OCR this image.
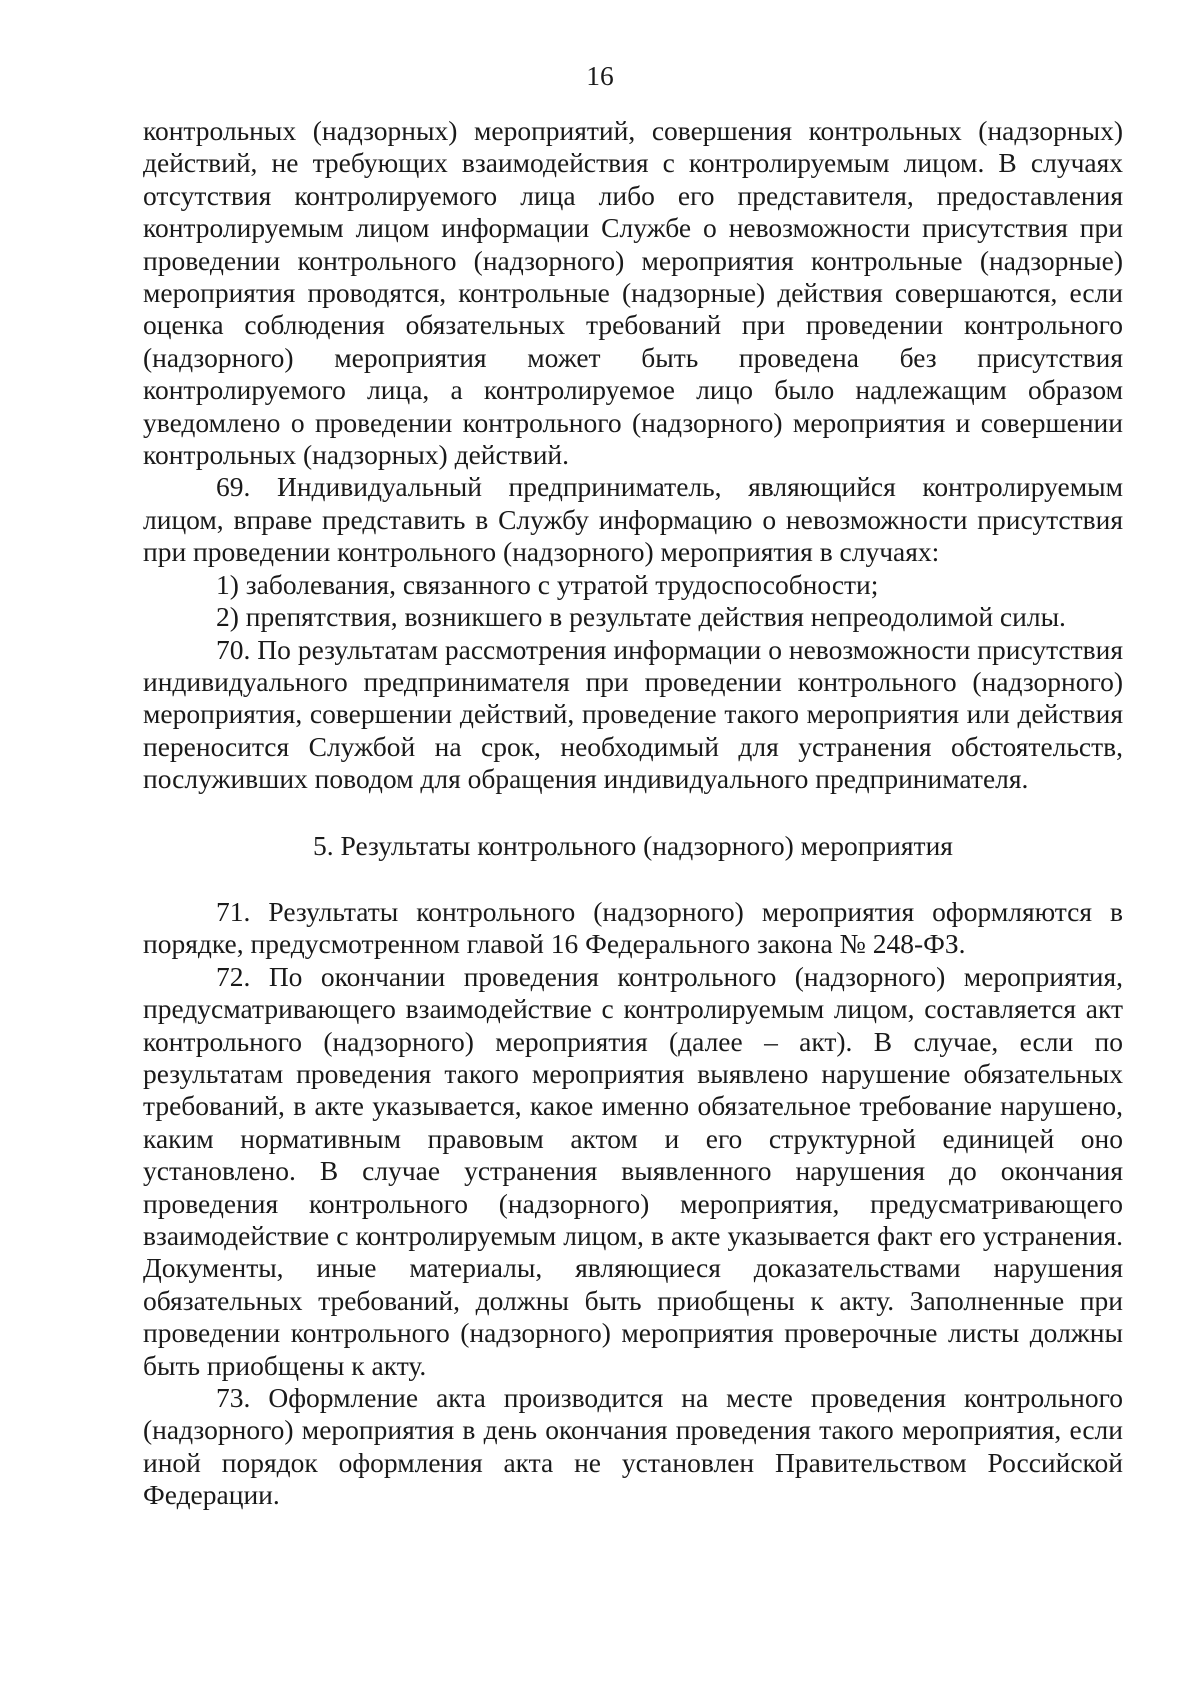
16

контрольных (надзорных) мероприятий, совершения контрольных (надзорных) действий, не требующих взаимодействия с контролируемым лицом. В случаях отсутствия контролируемого лица либо его представителя, предоставления контролируемым лицом информации Службе о невозможности присутствия при проведении контрольного (надзорного) мероприятия контрольные (надзорные) мероприятия проводятся, контрольные (надзорные) действия совершаются, если оценка соблюдения обязательных требований при проведении контрольного (надзорного) мероприятия может быть проведена без присутствия контролируемого лица, а контролируемое лицо было надлежащим образом уведомлено о проведении контрольного (надзорного) мероприятия и совершении контрольных (надзорных) действий.

69. Индивидуальный предприниматель, являющийся контролируемым лицом, вправе представить в Службу информацию о невозможности присутствия при проведении контрольного (надзорного) мероприятия в случаях:

1) заболевания, связанного с утратой трудоспособности;

2) препятствия, возникшего в результате действия непреодолимой силы.

70. По результатам рассмотрения информации о невозможности присутствия индивидуального предпринимателя при проведении контрольного (надзорного) мероприятия, совершении действий, проведение такого мероприятия или действия переносится Службой на срок, необходимый для устранения обстоятельств, послуживших поводом для обращения индивидуального предпринимателя.

5. Результаты контрольного (надзорного) мероприятия

71. Результаты контрольного (надзорного) мероприятия оформляются в порядке, предусмотренном главой 16 Федерального закона № 248-ФЗ.

72. По окончании проведения контрольного (надзорного) мероприятия, предусматривающего взаимодействие с контролируемым лицом, составляется акт контрольного (надзорного) мероприятия (далее – акт). В случае, если по результатам проведения такого мероприятия выявлено нарушение обязательных требований, в акте указывается, какое именно обязательное требование нарушено, каким нормативным правовым актом и его структурной единицей оно установлено. В случае устранения выявленного нарушения до окончания проведения контрольного (надзорного) мероприятия, предусматривающего взаимодействие с контролируемым лицом, в акте указывается факт его устранения. Документы, иные материалы, являющиеся доказательствами нарушения обязательных требований, должны быть приобщены к акту. Заполненные при проведении контрольного (надзорного) мероприятия проверочные листы должны быть приобщены к акту.

73. Оформление акта производится на месте проведения контрольного (надзорного) мероприятия в день окончания проведения такого мероприятия, если иной порядок оформления акта не установлен Правительством Российской Федерации.
